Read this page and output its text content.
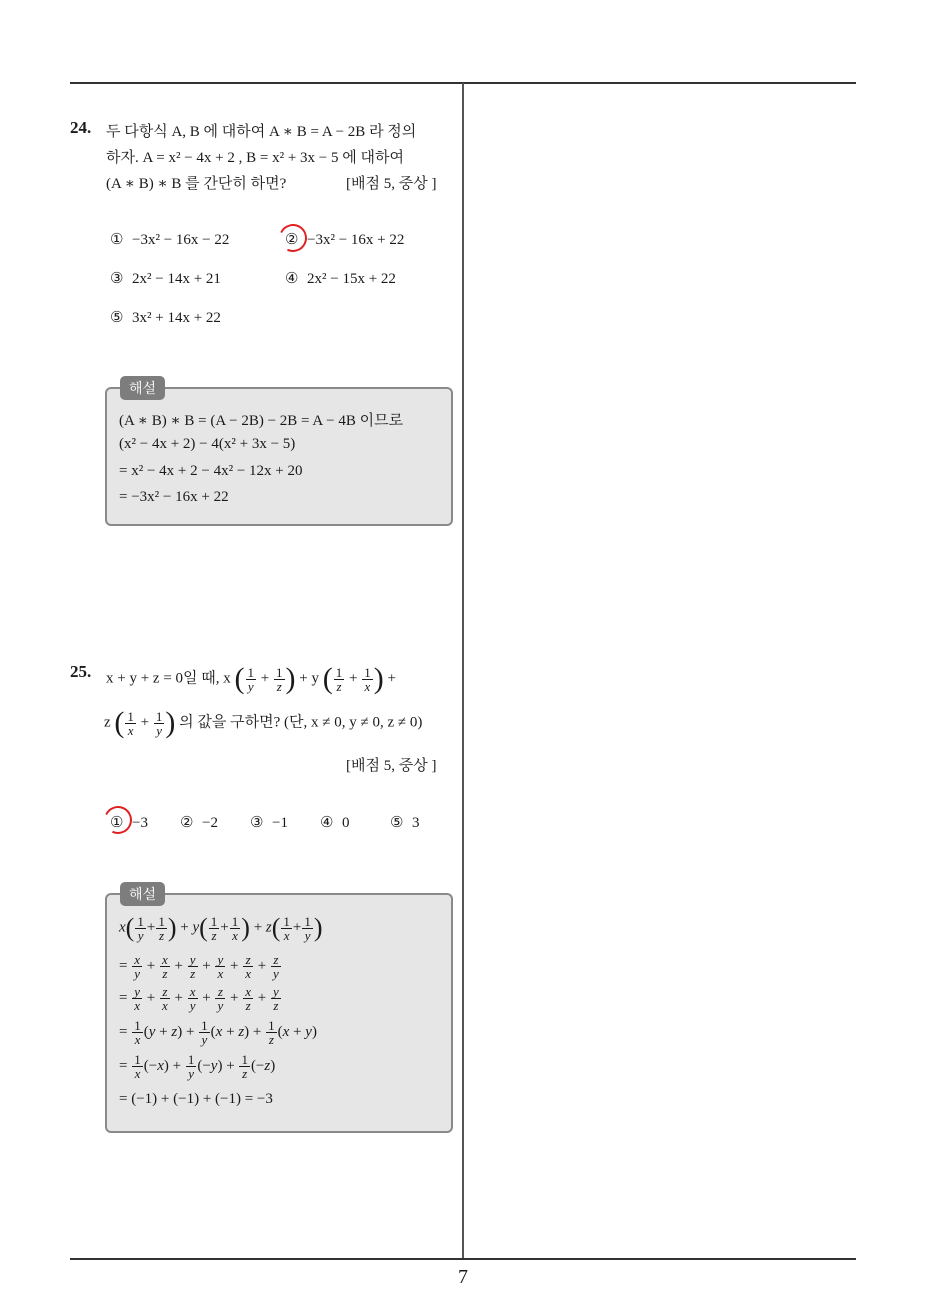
24. 두 다항식 A, B 에 대하여 A ∗ B = A − 2B 라 정의
하자. A = x² − 4x + 2 , B = x² + 3x − 5 에 대하여
(A ∗ B) ∗ B 를 간단히 하면?	[배점 5, 중상 ]
① −3x² − 16x − 22	② −3x² − 16x + 22
③ 2x² − 14x + 21	④ 2x² − 15x + 22
⑤ 3x² + 14x + 22
(A ∗ B) ∗ B = (A − 2B) − 2B = A − 4B 이므로
(x² − 4x + 2) − 4(x² + 3x − 5)
= x² − 4x + 2 − 4x² − 12x + 20
= −3x² − 16x + 22
해설
25. x + y + z = 0일 때, x ( $\frac{1}{y} + \frac{1}{z}$ ) + y ( $\frac{1}{z} + \frac{1}{x}$ ) +
z ( $\frac{1}{x} + \frac{1}{y}$ ) 의 값을 구하면? (단, x ≠ 0, y ≠ 0, z ≠ 0)
[배점 5, 중상 ]
① −3 ② −2 ③ −1 ④ 0	⑤ 3
$x( \frac{1}{y} + \frac{1}{z}$ ) + $y( \frac{1}{z} + \frac{1}{x}$ ) + $z( \frac{1}{x} + \frac{1}{y}$ )
= $\frac{x}{y} + \frac{x}{z} + \frac{y}{z} + \frac{y}{x} + \frac{z}{x} + \frac{z}{y}$
= $\frac{y}{x} + \frac{z}{x} + \frac{x}{y} + \frac{z}{y} + \frac{x}{z} + \frac{y}{z}$
= $\frac{1}{x} (y + z) + \frac{1}{y} (x + z) + \frac{1}{z} (x + y)$
= $\frac{1}{x} (-x) + \frac{1}{y} (-y) + \frac{1}{z} (-z)$
= (−1) + (−1) + (−1) = −3
해설
7
